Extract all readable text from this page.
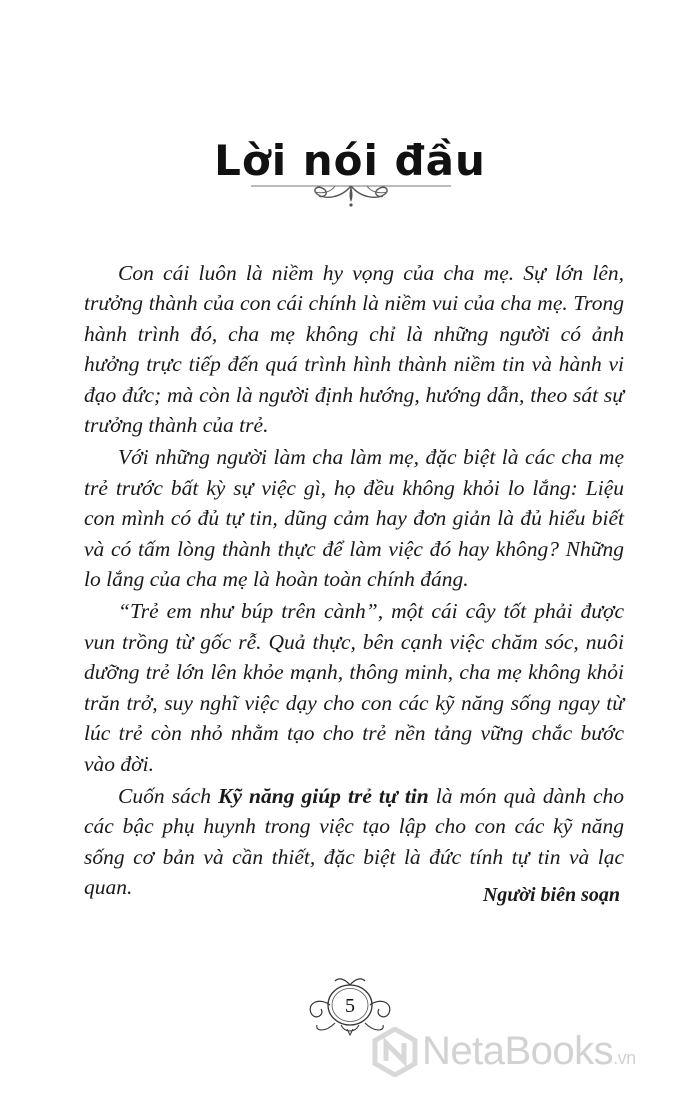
Lời nói đầu

Con cái luôn là niềm hy vọng của cha mẹ. Sự lớn lên, trưởng thành của con cái chính là niềm vui của cha mẹ. Trong hành trình đó, cha mẹ không chỉ là những người có ảnh hưởng trực tiếp đến quá trình hình thành niềm tin và hành vi đạo đức; mà còn là người định hướng, hướng dẫn, theo sát sự trưởng thành của trẻ.

Với những người làm cha làm mẹ, đặc biệt là các cha mẹ trẻ trước bất kỳ sự việc gì, họ đều không khỏi lo lắng: Liệu con mình có đủ tự tin, dũng cảm hay đơn giản là đủ hiểu biết và có tấm lòng thành thực để làm việc đó hay không? Những lo lắng của cha mẹ là hoàn toàn chính đáng.

“Trẻ em như búp trên cành”, một cái cây tốt phải được vun trồng từ gốc rễ. Quả thực, bên cạnh việc chăm sóc, nuôi dưỡng trẻ lớn lên khỏe mạnh, thông minh, cha mẹ không khỏi trăn trở, suy nghĩ việc dạy cho con các kỹ năng sống ngay từ lúc trẻ còn nhỏ nhằm tạo cho trẻ nền tảng vững chắc bước vào đời.

Cuốn sách Kỹ năng giúp trẻ tự tin là món quà dành cho các bậc phụ huynh trong việc tạo lập cho con các kỹ năng sống cơ bản và cần thiết, đặc biệt là đức tính tự tin và lạc quan.	Người biên soạn
5
NetaBooks.vn
